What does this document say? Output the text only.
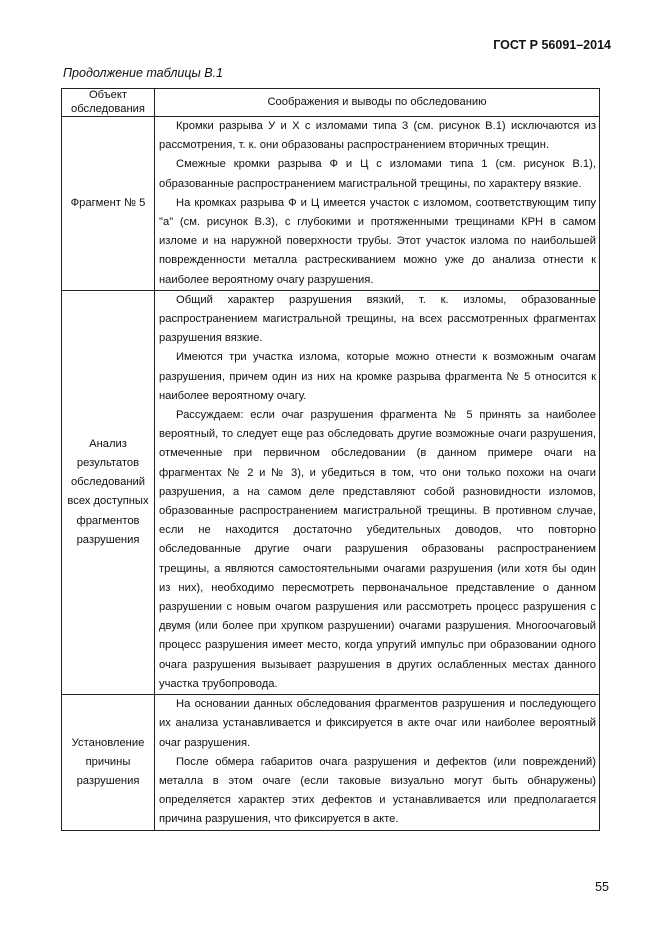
ГОСТ Р 56091–2014
Продолжение таблицы В.1
Объект обследования	Соображения и выводы по обследованию
Фрагмент № 5	Кромки разрыва У и Х с изломами типа 3 (см. рисунок В.1) исключаются из рассмотрения, т. к. они образованы распространением вторичных трещин.

Смежные кромки разрыва Ф и Ц с изломами типа 1 (см. рисунок В.1), образованные распространением магистральной трещины, по характеру вязкие.

На кромках разрыва Ф и Ц имеется участок с изломом, соответствующим типу "а" (см. рисунок В.3), с глубокими и протяженными трещинами КРН в самом изломе и на наружной поверхности трубы. Этот участок излома по наибольшей поврежденности металла растрескиванием можно уже до анализа отнести к наиболее вероятному очагу разрушения.

Анализ результатов обследований всех доступных фрагментов разрушения	Общий характер разрушения вязкий, т. к. изломы, образованные распространением магистральной трещины, на всех рассмотренных фрагментах разрушения вязкие.

Имеются три участка излома, которые можно отнести к возможным очагам разрушения, причем один из них на кромке разрыва фрагмента № 5 относится к наиболее вероятному очагу.

Рассуждаем: если очаг разрушения фрагмента № 5 принять за наиболее вероятный, то следует еще раз обследовать другие возможные очаги разрушения, отмеченные при первичном обследовании (в данном примере очаги на фрагментах № 2 и № 3), и убедиться в том, что они только похожи на очаги разрушения, а на самом деле представляют собой разновидности изломов, образованные распространением магистральной трещины. В противном случае, если не находится достаточно убедительных доводов, что повторно обследованные другие очаги разрушения образованы распространением трещины, а являются самостоятельными очагами разрушения (или хотя бы один из них), необходимо пересмотреть первоначальное представление о данном разрушении с новым очагом разрушения или рассмотреть процесс разрушения с двумя (или более при хрупком разрушении) очагами разрушения. Многоочаговый процесс разрушения имеет место, когда упругий импульс при образовании одного очага разрушения вызывает разрушения в других ослабленных местах данного участка трубопровода.

Установление причины разрушения	На основании данных обследования фрагментов разрушения и последующего их анализа устанавливается и фиксируется в акте очаг или наиболее вероятный очаг разрушения.

После обмера габаритов очага разрушения и дефектов (или повреждений) металла в этом очаге (если таковые визуально могут быть обнаружены) определяется характер этих дефектов и устанавливается или предполагается причина разрушения, что фиксируется в акте.

55
